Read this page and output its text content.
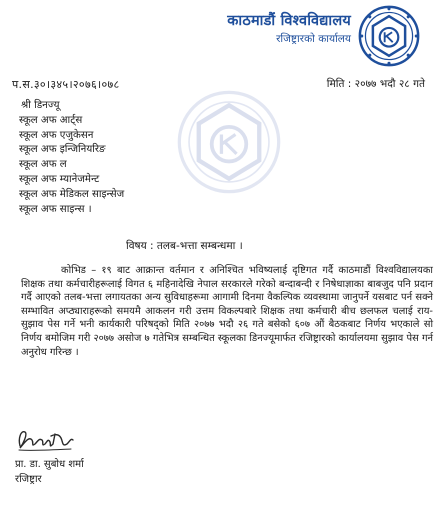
काठमाडौं विश्वविद्यालय
रजिष्ट्रारको कार्यालय
प.स.३०।३४५।२०७६।०७८	मिति : २०७७ भदौ २८ गते
श्री डिनज्यू
स्कूल अफ आर्ट्स
स्कूल अफ एजुकेसन
स्कूल अफ इन्जिनियरिङ
स्कूल अफ ल
स्कूल अफ म्यानेजमेन्ट
स्कूल अफ मेडिकल साइन्सेज
स्कूल अफ साइन्स ।
विषय : तलब-भत्ता सम्बन्धमा ।
कोभिड – १९ बाट आक्रान्त वर्तमान र अनिश्चित भविष्यलाई दृष्टिगत गर्दै काठमाडौं विश्वविद्यालयका शिक्षक तथा कर्मचारीहरूलाई विगत ६ महिनादेखि नेपाल सरकारले गरेको बन्दाबन्दी र निषेधाज्ञाका बाबजुद पनि प्रदान गर्दै आएको तलब-भत्ता लगायतका अन्य सुविधाहरूमा आगामी दिनमा वैकल्पिक व्यवस्थामा जानुपर्ने यसबाट पर्न सक्ने सम्भावित अप्ठ्याराहरूको समयमै आकलन गरी उत्तम विकल्पबारे शिक्षक तथा कर्मचारी बीच छलफल चलाई राय-सुझाव पेस गर्ने भनी कार्यकारी परिषद्को मिति २०७७ भदौ २६ गते बसेको ६०७ औं बैठकबाट निर्णय भएकाले सो निर्णय बमोजिम गरी २०७७ असोज ७ गतेभित्र सम्बन्धित स्कूलका डिनज्यूमार्फत रजिष्ट्रारको कार्यालयमा सुझाव पेस गर्न अनुरोध गरिन्छ ।
प्रा. डा. सुबोध शर्मा
रजिष्ट्रार
